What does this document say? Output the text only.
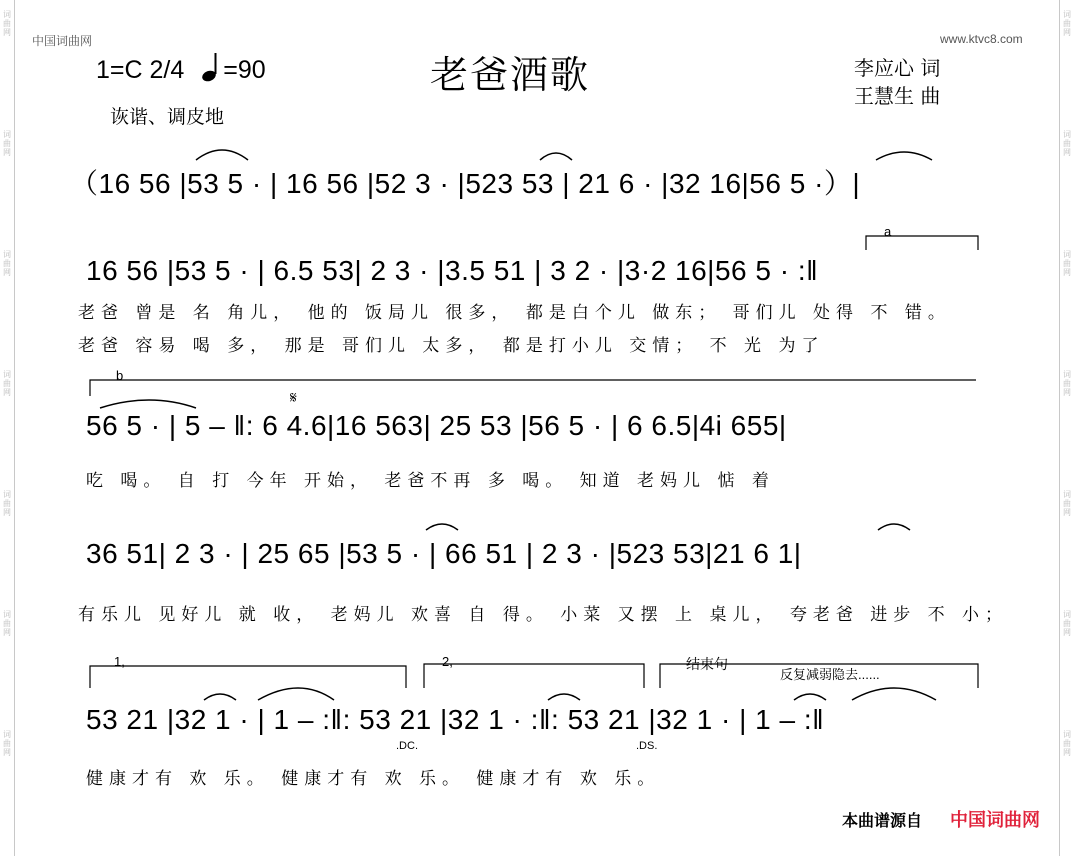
词
曲
网
词
曲
网
词
曲
网
词
曲
网
词
曲
网
词
曲
网
词
曲
网
词
曲
网
词
曲
网
词
曲
网
词
曲
网
词
曲
网
词
曲
网
词
曲
网
中国词曲网	www.ktvc8.com
1=C 2/4 =90	老爸酒歌	李应心 词
王慧生 曲
诙谐、调皮地
（16 56 |53 5 · | 16 56 |52 3 · |523 53 | 21 6 · |32 16|56 5 ·）|
16 56 |53 5 · | 6.5 53| 2 3 · |3.5 51 | 3 2 · |3·2 16|56 5 · :‖
56 5 · | 5 – ‖: 6 4.6|16 563| 25 53 |56 5 · | 6 6.5|4i 655|
36 51| 2 3 · | 25 65 |53 5 · | 66 51 | 2 3 · |523 53|21 6 1|
53 21 |32 1 · | 1 – :‖: 53 21 |32 1 · :‖: 53 21 |32 1 · | 1 – :‖
老爸 曾是 名 角儿， 他的 饭局儿 很多， 都是白个儿 做东； 哥们儿 处得 不 错。
老爸 容易 喝 多， 那是 哥们儿 太多， 都是打小儿 交情； 不 光 为了
吃 喝。 自 打 今年 开始， 老爸不再 多 喝。 知道 老妈儿 惦 着
有乐儿 见好儿 就 收， 老妈儿 欢喜 自 得。 小菜 又摆 上 桌儿， 夸老爸 进步 不 小；
健康才有 欢 乐。 健康才有 欢 乐。 健康才有 欢 乐。
a
b
𝄋
1,	2,	结束句
反复减弱隐去......
.DC.	.DS.
本曲谱源自 中国词曲网
